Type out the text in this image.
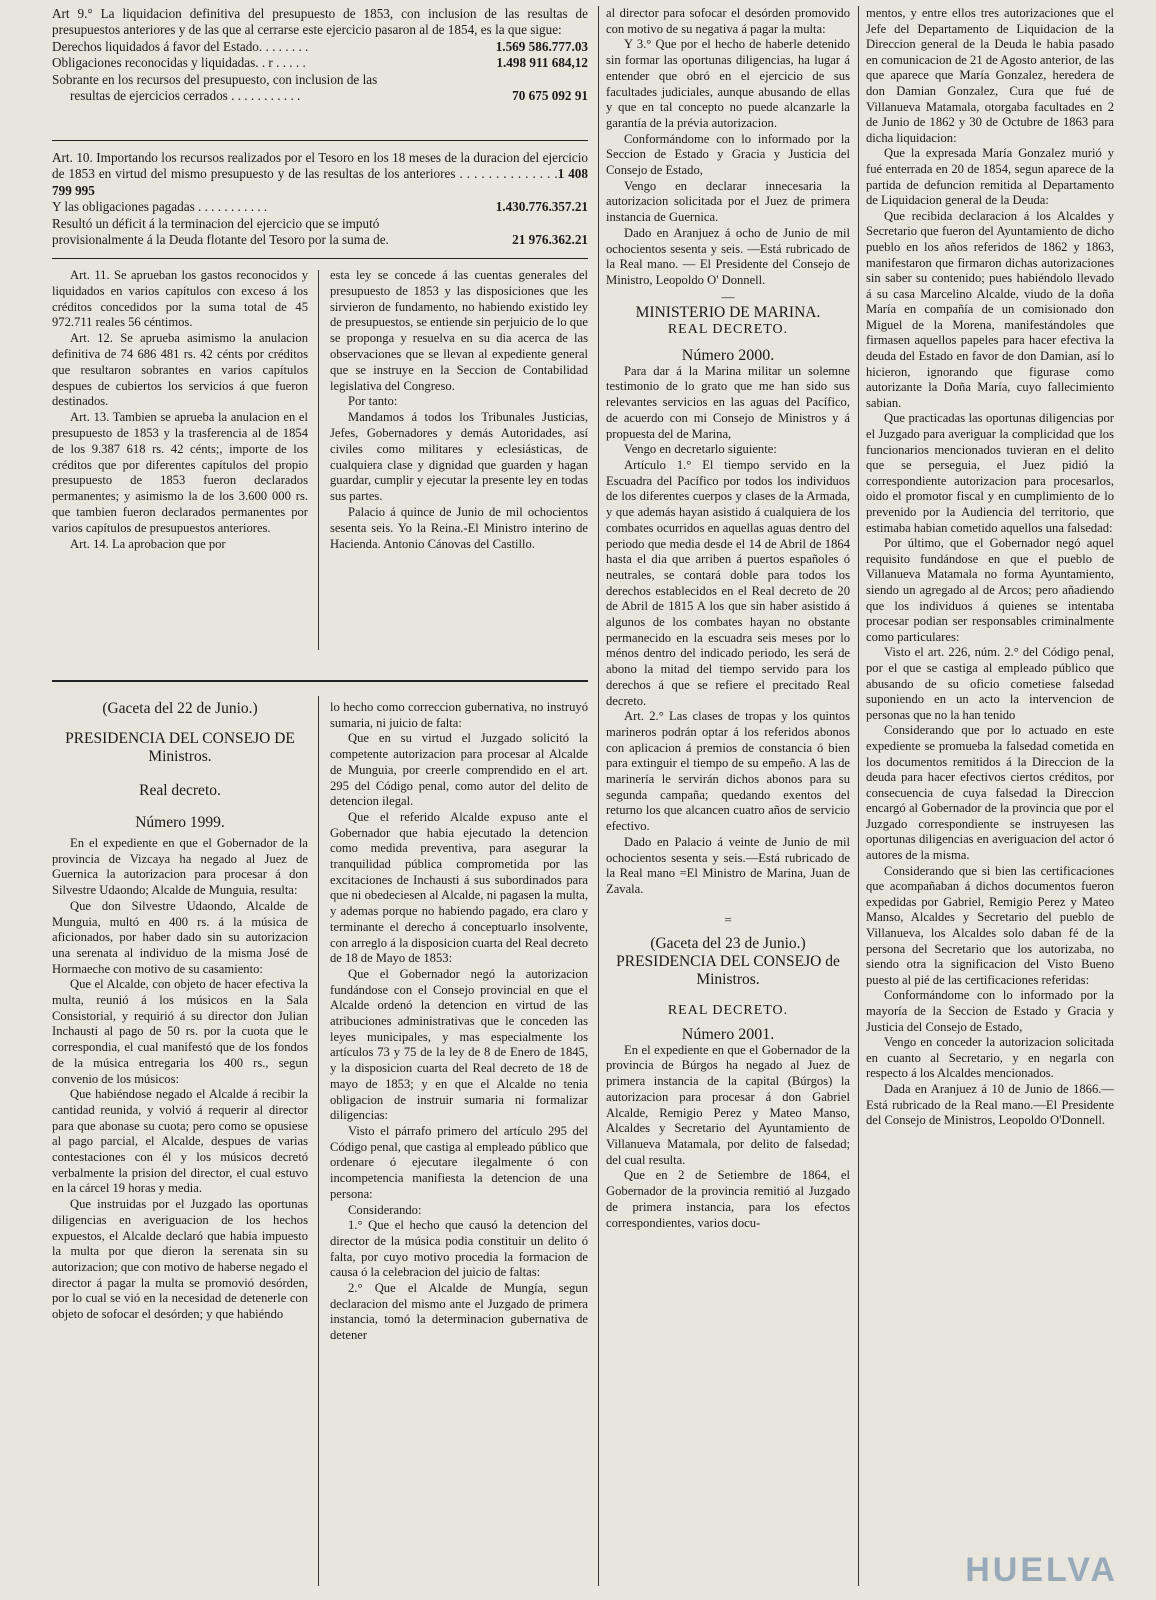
Art 9.° La liquidacion definitiva del presupuesto de 1853, con inclusion de las resultas de presupuestos anteriores y de las que al cerrarse este ejercicio pasaron al de 1854, es la que sigue:

Derechos liquidados á favor del Estado. . . . . . . .	1.569 586.777.03
Obligaciones reconocidas y liquidadas. . r . . . . .	1.498 911 684,12
Sobrante en los recursos del presupuesto, con inclusion de las
resultas de ejercicios cerrados . . . . . . . . . . .	70 675 092 91

Art. 10. Importando los recursos realizados por el Tesoro en los 18 meses de la duracion del ejercicio de 1853 en virtud del mismo presupuesto y de las resultas de los anteriores . . . . . . . . . . . . . .1 408 799 995

Y las obligaciones pagadas . . . . . . . . . . .	1.430.776.357.21

Resultó un déficit á la terminacion del ejercicio que se imputó

provisionalmente á la Deuda flotante del Tesoro por la suma de.	21 976.362.21

Art. 11. Se aprueban los gastos reconocidos y liquidados en varios capítulos con exceso á los créditos concedidos por la suma total de 45 972.711 reales 56 céntimos.

Art. 12. Se aprueba asimismo la anulacion definitiva de 74 686 481 rs. 42 cénts por créditos que resultaron sobrantes en varios capítulos despues de cubiertos los servicios á que fueron destinados.

Art. 13. Tambien se aprueba la anulacion en el presupuesto de 1853 y la trasferencia al de 1854 de los 9.387 618 rs. 42 cénts;, importe de los créditos que por diferentes capítulos del propio presupuesto de 1853 fueron declarados permanentes; y asimismo la de los 3.600 000 rs. que tambien fueron declarados permanentes por varios capítulos de presupuestos anteriores.

Art. 14. La aprobacion que por

esta ley se concede á las cuentas generales del presupuesto de 1853 y las disposiciones que les sirvieron de fundamento, no habiendo existido ley de presupuestos, se entiende sin perjuicio de lo que se proponga y resuelva en su dia acerca de las observaciones que se llevan al expediente general que se instruye en la Seccion de Contabilidad legislativa del Congreso.

Por tanto:

Mandamos á todos los Tribunales Justicias, Jefes, Gobernadores y demás Autoridades, así civiles como militares y eclesiásticas, de cualquiera clase y dignidad que guarden y hagan guardar, cumplir y ejecutar la presente ley en todas sus partes.

Palacio á quince de Junio de mil ochocientos sesenta seis. Yo la Reina.-El Ministro interino de Hacienda. Antonio Cánovas del Castillo.

(Gaceta del 22 de Junio.)
PRESIDENCIA DEL CONSEJO DE Ministros.
Real decreto.
Número 1999.

En el expediente en que el Gobernador de la provincia de Vizcaya ha negado al Juez de Guernica la autorizacion para procesar á don Silvestre Udaondo; Alcalde de Munguia, resulta:

Que don Silvestre Udaondo, Alcalde de Munguia, multó en 400 rs. á la música de aficionados, por haber dado sin su autorizacion una serenata al individuo de la misma José de Hormaeche con motivo de su casamiento:

Que el Alcalde, con objeto de hacer efectiva la multa, reunió á los músicos en la Sala Consistorial, y requirió á su director don Julian Inchausti al pago de 50 rs. por la cuota que le correspondia, el cual manifestó que de los fondos de la música entregaria los 400 rs., segun convenio de los músicos:

Que habiéndose negado el Alcalde á recibir la cantidad reunida, y volvió á requerir al director para que abonase su cuota; pero como se opusiese al pago parcial, el Alcalde, despues de varias contestaciones con él y los músicos decretó verbalmente la prision del director, el cual estuvo en la cárcel 19 horas y media.

Que instruidas por el Juzgado las oportunas diligencias en averiguacion de los hechos expuestos, el Alcalde declaró que habia impuesto la multa por que dieron la serenata sin su autorizacion; que con motivo de haberse negado el director á pagar la multa se promovió desórden, por lo cual se vió en la necesidad de detenerle con objeto de sofocar el desórden; y que habiéndo

lo hecho como correccion gubernativa, no instruyó sumaria, ni juicio de falta:

Que en su virtud el Juzgado solicitó la competente autorizacion para procesar al Alcalde de Munguia, por creerle comprendido en el art. 295 del Código penal, como autor del delito de detencion ilegal.

Que el referido Alcalde expuso ante el Gobernador que habia ejecutado la detencion como medida preventiva, para asegurar la tranquilidad pública comprometida por las excitaciones de Inchausti á sus subordinados para que ni obedeciesen al Alcalde, ni pagasen la multa, y ademas porque no habiendo pagado, era claro y terminante el derecho á conceptuarlo insolvente, con arreglo á la disposicion cuarta del Real decreto de 18 de Mayo de 1853:

Que el Gobernador negó la autorizacion fundándose con el Consejo provincial en que el Alcalde ordenó la detencion en virtud de las atribuciones administrativas que le conceden las leyes municipales, y mas especialmente los artículos 73 y 75 de la ley de 8 de Enero de 1845, y la disposicion cuarta del Real decreto de 18 de mayo de 1853; y en que el Alcalde no tenia obligacion de instruir sumaria ni formalizar diligencias:

Visto el párrafo primero del artículo 295 del Código penal, que castiga al empleado público que ordenare ó ejecutare ilegalmente ó con incompetencia manifiesta la detencion de una persona:

Considerando:

1.° Que el hecho que causó la detencion del director de la música podia constituir un delito ó falta, por cuyo motivo procedia la formacion de causa ó la celebracion del juicio de faltas:

2.° Que el Alcalde de Mungía, segun declaracion del mismo ante el Juzgado de primera instancia, tomó la determinacion gubernativa de detener

al director para sofocar el desórden promovido con motivo de su negativa á pagar la multa:

Y 3.° Que por el hecho de haberle detenido sin formar las oportunas diligencias, ha lugar á entender que obró en el ejercicio de sus facultades judiciales, aunque abusando de ellas y que en tal concepto no puede alcanzarle la garantía de la prévia autorizacion.

Conformándome con lo informado por la Seccion de Estado y Gracia y Justicia del Consejo de Estado,

Vengo en declarar innecesaria la autorizacion solicitada por el Juez de primera instancia de Guernica.

Dado en Aranjuez á ocho de Junio de mil ochocientos sesenta y seis. —Está rubricado de la Real mano. — El Presidente del Consejo de Ministro, Leopoldo O' Donnell.

—
MINISTERIO DE MARINA.
REAL DECRETO.
Número 2000.

Para dar á la Marina militar un solemne testimonio de lo grato que me han sido sus relevantes servicios en las aguas del Pacífico, de acuerdo con mi Consejo de Ministros y á propuesta del de Marina,

Vengo en decretarlo siguiente:

Artículo 1.° El tiempo servido en la Escuadra del Pacífico por todos los individuos de los diferentes cuerpos y clases de la Armada, y que además hayan asistido á cualquiera de los combates ocurridos en aquellas aguas dentro del periodo que media desde el 14 de Abril de 1864 hasta el dia que arriben á puertos españoles ó neutrales, se contará doble para todos los derechos establecidos en el Real decreto de 20 de Abril de 1815 A los que sin haber asistido á algunos de los combates hayan no obstante permanecido en la escuadra seis meses por lo ménos dentro del indicado periodo, les será de abono la mitad del tiempo servido para los derechos á que se refiere el precitado Real decreto.

Art. 2.° Las clases de tropas y los quintos marineros podrán optar á los referidos abonos con aplicacion á premios de constancia ó bien para extinguir el tiempo de su empeño. A las de marinería le servirán dichos abonos para su segunda campaña; quedando exentos del returno los que alcancen cuatro años de servicio efectivo.

Dado en Palacio á veinte de Junio de mil ochocientos sesenta y seis.—Está rubricado de la Real mano =El Ministro de Marina, Juan de Zavala.

=
(Gaceta del 23 de Junio.)
PRESIDENCIA DEL CONSEJO de Ministros.
REAL DECRETO.
Número 2001.

En el expediente en que el Gobernador de la provincia de Búrgos ha negado al Juez de primera instancia de la capital (Búrgos) la autorizacion para procesar á don Gabriel Alcalde, Remigio Perez y Mateo Manso, Alcaldes y Secretario del Ayuntamiento de Villanueva Matamala, por delito de falsedad; del cual resulta.

Que en 2 de Setiembre de 1864, el Gobernador de la provincia remitió al Juzgado de primera instancia, para los efectos correspondientes, varios docu-

mentos, y entre ellos tres autorizaciones que el Jefe del Departamento de Liquidacion de la Direccion general de la Deuda le habia pasado en comunicacion de 21 de Agosto anterior, de las que aparece que María Gonzalez, heredera de don Damian Gonzalez, Cura que fué de Villanueva Matamala, otorgaba facultades en 2 de Junio de 1862 y 30 de Octubre de 1863 para dicha liquidacion:

Que la expresada María Gonzalez murió y fué enterrada en 20 de 1854, segun aparece de la partida de defuncion remitida al Departamento de Liquidacion general de la Deuda:

Que recibida declaracion á los Alcaldes y Secretario que fueron del Ayuntamiento de dicho pueblo en los años referidos de 1862 y 1863, manifestaron que firmaron dichas autorizaciones sin saber su contenido; pues habiéndolo llevado á su casa Marcelino Alcalde, viudo de la doña María en compañía de un comisionado don Miguel de la Morena, manifestándoles que firmasen aquellos papeles para hacer efectiva la deuda del Estado en favor de don Damian, así lo hicieron, ignorando que figurase como autorizante la Doña María, cuyo fallecimiento sabian.

Que practicadas las oportunas diligencias por el Juzgado para averiguar la complicidad que los funcionarios mencionados tuvieran en el delito que se perseguia, el Juez pidió la correspondiente autorizacion para procesarlos, oido el promotor fiscal y en cumplimiento de lo prevenido por la Audiencia del territorio, que estimaba habian cometido aquellos una falsedad:

Por último, que el Gobernador negó aquel requisito fundándose en que el pueblo de Villanueva Matamala no forma Ayuntamiento, siendo un agregado al de Arcos; pero añadiendo que los individuos á quienes se intentaba procesar podian ser responsables criminalmente como particulares:

Visto el art. 226, núm. 2.° del Código penal, por el que se castiga al empleado público que abusando de su oficio cometiese falsedad suponiendo en un acto la intervencion de personas que no la han tenido

Considerando que por lo actuado en este expediente se promueba la falsedad cometida en los documentos remitidos á la Direccion de la deuda para hacer efectivos ciertos créditos, por consecuencia de cuya falsedad la Direccion encargó al Gobernador de la provincia que por el Juzgado correspondiente se instruyesen las oportunas diligencias en averiguacion del actor ó autores de la misma.

Considerando que si bien las certificaciones que acompañaban á dichos documentos fueron expedidas por Gabriel, Remigio Perez y Mateo Manso, Alcaldes y Secretario del pueblo de Villanueva, los Alcaldes solo daban fé de la persona del Secretario que los autorizaba, no siendo otra la significacion del Visto Bueno puesto al pié de las certificaciones referidas:

Conformándome con lo informado por la mayoría de la Seccion de Estado y Gracia y Justicia del Consejo de Estado,

Vengo en conceder la autorizacion solicitada en cuanto al Secretario, y en negarla con respecto á los Alcaldes mencionados.

Dada en Aranjuez á 10 de Junio de 1866.—Está rubricado de la Real mano.—El Presidente del Consejo de Ministros, Leopoldo O'Donnell.

HUELVA
